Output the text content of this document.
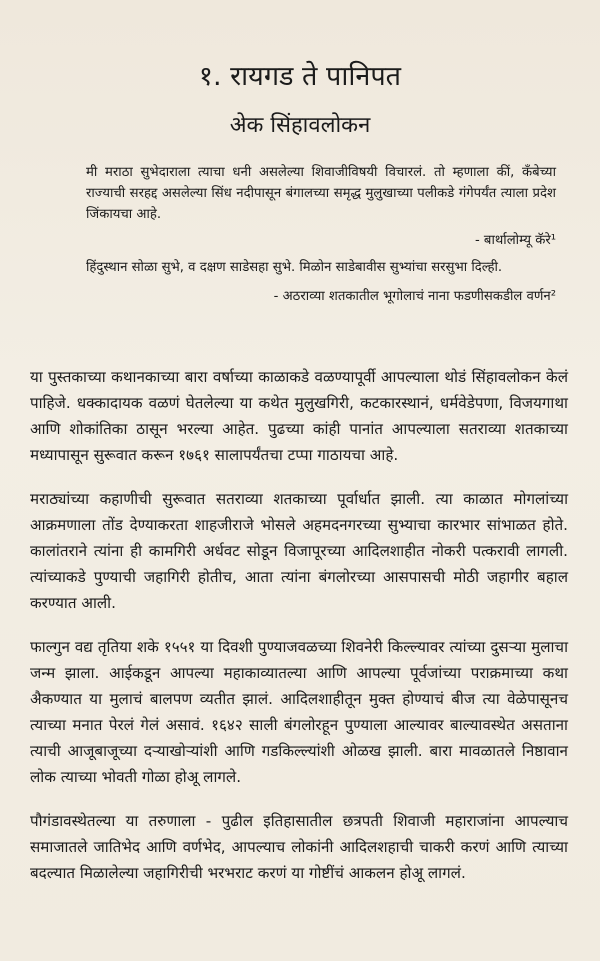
१. रायगड ते पानिपत
अेक सिंहावलोकन

मी मराठा सुभेदाराला त्याचा धनी असलेल्या शिवाजीविषयी विचारलं. तो म्हणाला कीं, कँबेच्या राज्याची सरहद्द असलेल्या सिंध नदीपासून बंगालच्या समृद्ध मुलुखाच्या पलीकडे गंगेपर्यंत त्याला प्रदेश जिंकायचा आहे.

- बार्थालोम्यू कॅरे¹

हिंदुस्थान सोळा सुभे, व दक्षण साडेसहा सुभे. मिळोन साडेबावीस सुभ्यांचा सरसुभा दिल्ही.

- अठराव्या शतकातील भूगोलाचं नाना फडणीसकडील वर्णन²

या पुस्तकाच्या कथानकाच्या बारा वर्षाच्या काळाकडे वळण्यापूर्वी आपल्याला थोडं सिंहावलोकन केलं पाहिजे. धक्कादायक वळणं घेतलेल्या या कथेत मुलुखगिरी, कटकारस्थानं, धर्मवेडेपणा, विजयगाथा आणि शोकांतिका ठासून भरल्या आहेत. पुढच्या कांही पानांत आपल्याला सतराव्या शतकाच्या मध्यापासून सुरूवात करून १७६१ सालापर्यंतचा टप्पा गाठायचा आहे.

मराठ्यांच्या कहाणीची सुरूवात सतराव्या शतकाच्या पूर्वार्धात झाली. त्या काळात मोगलांच्या आक्रमणाला तोंड देण्याकरता शाहजीराजे भोसले अहमदनगरच्या सुभ्याचा कारभार सांभाळत होते. कालांतराने त्यांना ही कामगिरी अर्धवट सोडून विजापूरच्या आदिलशाहीत नोकरी पत्करावी लागली. त्यांच्याकडे पुण्याची जहागिरी होतीच, आता त्यांना बंगलोरच्या आसपासची मोठी जहागीर बहाल करण्यात आली.

फाल्गुन वद्य तृतिया शके १५५१ या दिवशी पुण्याजवळच्या शिवनेरी किल्ल्यावर त्यांच्या दुसऱ्या मुलाचा जन्म झाला. आईकडून आपल्या महाकाव्यातल्या आणि आपल्या पूर्वजांच्या पराक्रमाच्या कथा अैकण्यात या मुलाचं बालपण व्यतीत झालं. आदिलशाहीतून मुक्त होण्याचं बीज त्या वेळेपासूनच त्याच्या मनात पेरलं गेलं असावं. १६४२ साली बंगलोरहून पुण्याला आल्यावर बाल्यावस्थेत असताना त्याची आजूबाजूच्या दऱ्याखोऱ्यांशी आणि गडकिल्ल्यांशी ओळख झाली. बारा मावळातले निष्ठावान लोक त्याच्या भोवती गोळा होअू लागले.

पौगंडावस्थेतल्या या तरुणाला - पुढील इतिहासातील छत्रपती शिवाजी महाराजांना आपल्याच समाजातले जातिभेद आणि वर्णभेद, आपल्याच लोकांनी आदिलशहाची चाकरी करणं आणि त्याच्या बदल्यात मिळालेल्या जहागिरीची भरभराट करणं या गोष्टींचं आकलन होअू लागलं.
